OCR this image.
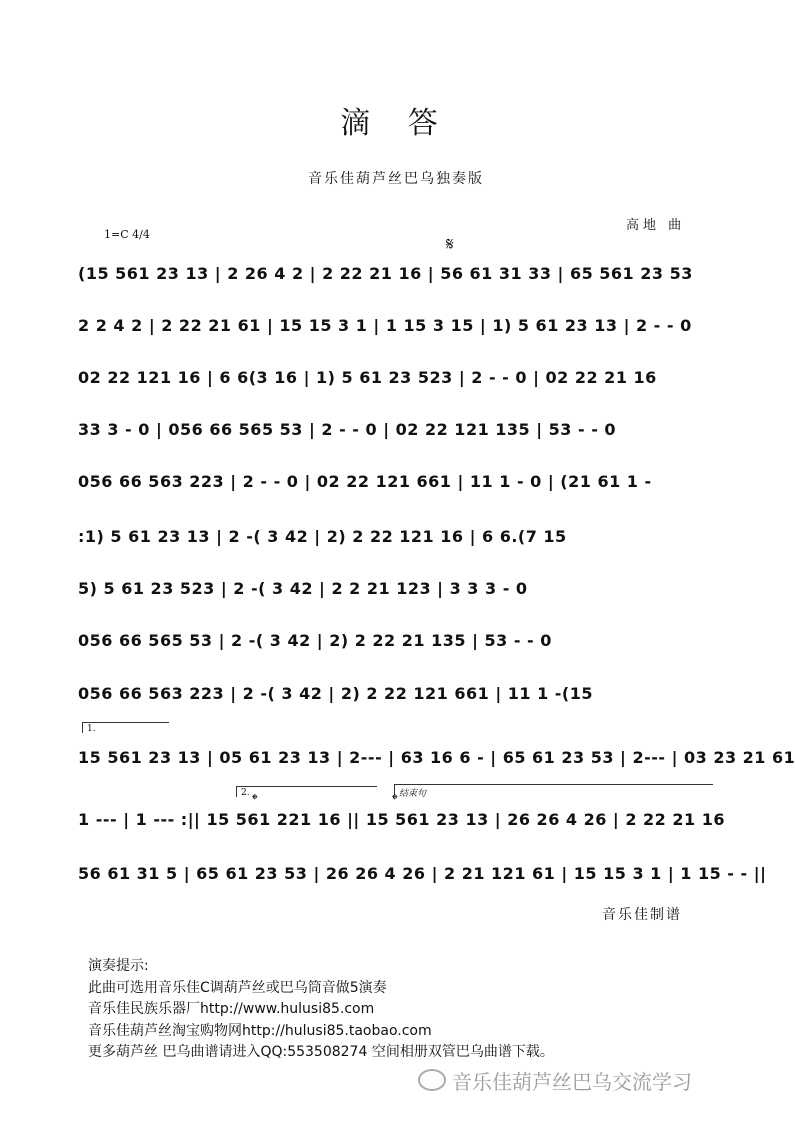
滴 答
音乐佳葫芦丝巴乌独奏版
高地 曲
1=C 4/4	𝄋
(15 561 23 13 | 2 26 4 2 | 2 22 21 16 | 56 61 31 33 | 65 561 23 53
2 2 4 2 | 2 22 21 61 | 15 15 3 1 | 1 15 3 15 | 1) 5 61 23 13 | 2 - - 0
02 22 121 16 | 6 6(3 16 | 1) 5 61 23 523 | 2 - - 0 | 02 22 21 16
33 3 - 0 | 056 66 565 53 | 2 - - 0 | 02 22 121 135 | 53 - - 0
056 66 563 223 | 2 - - 0 | 02 22 121 661 | 11 1 - 0 | (21 61 1 -
:1) 5 61 23 13 | 2 -( 3 42 | 2) 2 22 121 16 | 6 6.(7 15
5) 5 61 23 523 | 2 -( 3 42 | 2 2 21 123 | 3 3 3 - 0
056 66 565 53 | 2 -( 3 42 | 2) 2 22 21 135 | 53 - - 0
056 66 563 223 | 2 -( 3 42 | 2) 2 22 121 661 | 11 1 -(15
15 561 23 13 | 05 61 23 13 | 2--- | 63 16 6 - | 65 61 23 53 | 2--- | 03 23 21 61
1 --- | 1 --- :|| 15 561 221 16 || 15 561 23 13 | 26 26 4 26 | 2 22 21 16
56 61 31 5 | 65 61 23 53 | 26 26 4 26 | 2 21 121 61 | 15 15 3 1 | 1 15 - - ||
1.
2.	结束句
𝄌	𝄌
音乐佳制谱
演奏提示:
此曲可选用音乐佳C调葫芦丝或巴乌筒音做5演奏
音乐佳民族乐器厂http://www.hulusi85.com
音乐佳葫芦丝淘宝购物网http://hulusi85.taobao.com
更多葫芦丝 巴乌曲谱请进入QQ:553508274 空间相册双管巴乌曲谱下载。
音乐佳葫芦丝巴乌交流学习
